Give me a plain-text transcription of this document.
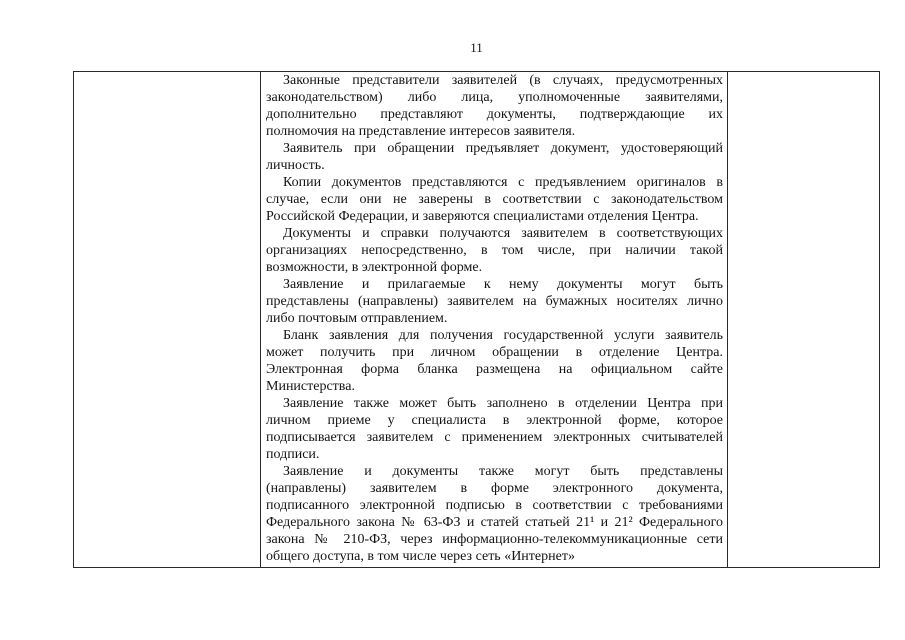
11
Законные представители заявителей (в случаях, предусмотренных
законодательством) либо лица, уполномоченные заявителями,
дополнительно представляют документы, подтверждающие их
полномочия на представление интересов заявителя.
Заявитель при обращении предъявляет документ, удостоверяющий
личность.
Копии документов представляются с предъявлением оригиналов в
случае, если они не заверены в соответствии с законодательством
Российской Федерации, и заверяются специалистами отделения Центра.
Документы и справки получаются заявителем в соответствующих
организациях непосредственно, в том числе, при наличии такой
возможности, в электронной форме.
Заявление и прилагаемые к нему документы могут быть
представлены (направлены) заявителем на бумажных носителях лично
либо почтовым отправлением.
Бланк заявления для получения государственной услуги заявитель
может получить при личном обращении в отделение Центра.
Электронная форма бланка размещена на официальном сайте
Министерства.
Заявление также может быть заполнено в отделении Центра при
личном приеме у специалиста в электронной форме, которое
подписывается заявителем с применением электронных считывателей
подписи.
Заявление и документы также могут быть представлены
(направлены) заявителем в форме электронного документа,
подписанного электронной подписью в соответствии с требованиями
Федерального закона № 63-ФЗ и статей статьей 21¹ и 21² Федерального
закона № 210-ФЗ, через информационно-телекоммуникационные сети
общего доступа, в том числе через сеть «Интернет»
